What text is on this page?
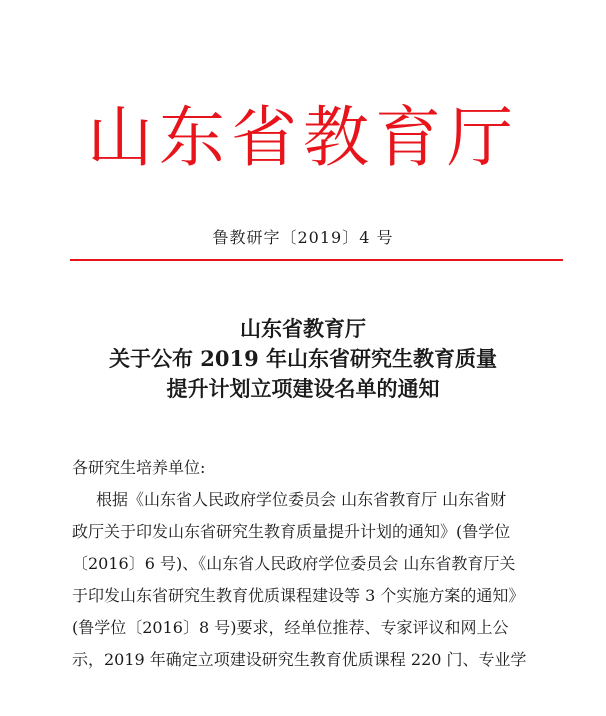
山东省教育厅
鲁教研字〔2019〕4 号
山东省教育厅
关于公布 2019 年山东省研究生教育质量
提升计划立项建设名单的通知
各研究生培养单位:
根据《山东省人民政府学位委员会 山东省教育厅 山东省财
政厅关于印发山东省研究生教育质量提升计划的通知》(鲁学位
〔2016〕6 号)、《山东省人民政府学位委员会 山东省教育厅关
于印发山东省研究生教育优质课程建设等 3 个实施方案的通知》
(鲁学位〔2016〕8 号)要求，经单位推荐、专家评议和网上公
示，2019 年确定立项建设研究生教育优质课程 220 门、专业学
